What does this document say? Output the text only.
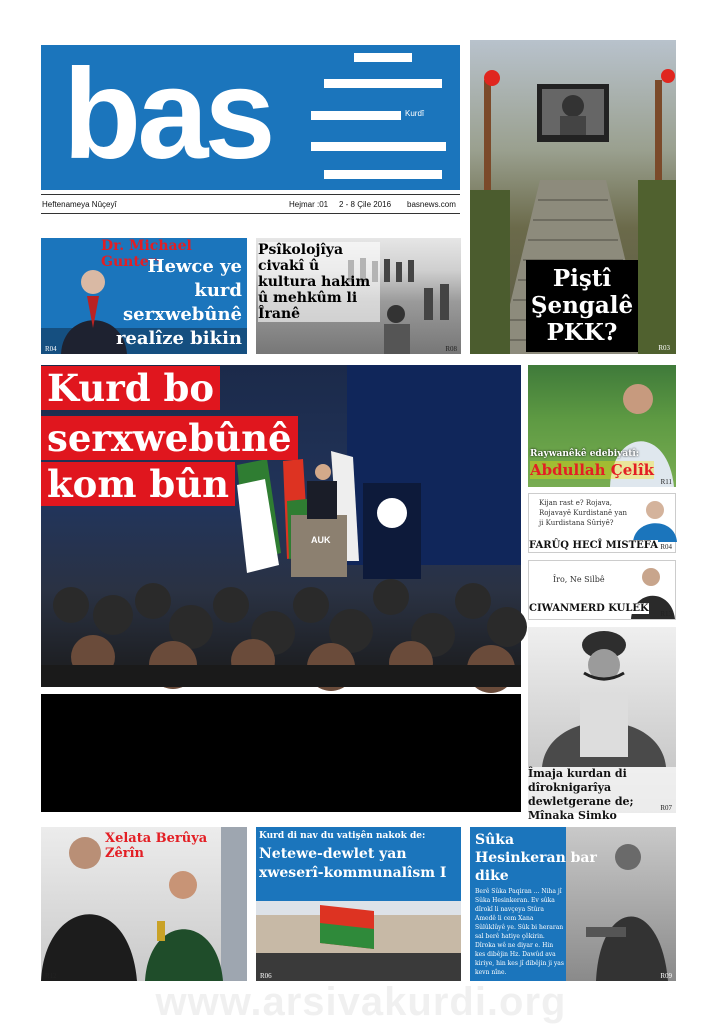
bas	Kurdî
Heftenameya Nûçeyî	Hejmar :01 2 - 8 Çile 2016 basnews.com
Piştî Şengalê PKK?
R03
Dr. Michael Gunter:
Hewce ye kurd serxwebûnê realîze bikin
R04
Psîkolojîya civakî û kultura hakim û mehkûm li Îranê
R08
AUK
Kurd bo
serxwebûnê
kom bûn
Raywanêkê edebiyatî:
Abdullah Çelîk
R11
Kijan rast e? Rojava, Rojavayê Kurdistanê yan ji Kurdistana Sûriyê?
FARÛQ HECÎ MISTEFA R04
Îro, Ne Silbê
CIWANMERD KULEK R13
Îmaja kurdan di dîroknigarîya dewletgerane de; Mînaka Simko
R07
Xelata Berûya Zêrîn
R12
Kurd di nav du vatişên nakok de:
Netewe-dewlet yan xweserî-kommunalîsm I
R06
Sûka Hesinkeran bar dike
Berê Sûka Paqiran ... Niha jî Sûka Hesinkeran. Ev sûka dîrokî li navçeya Stûra Amedê li cem Xana Sûlûklûyê ye. Sûk bi heraran sal berê hatiye çêkirin. Dîroka wê ne diyar e. Hin kes dibêjin Hz. Dawûd ava kiriye, hin kes jî dibêjin ji yas kevn nîne.	R09
www.arsivakurdi.org
